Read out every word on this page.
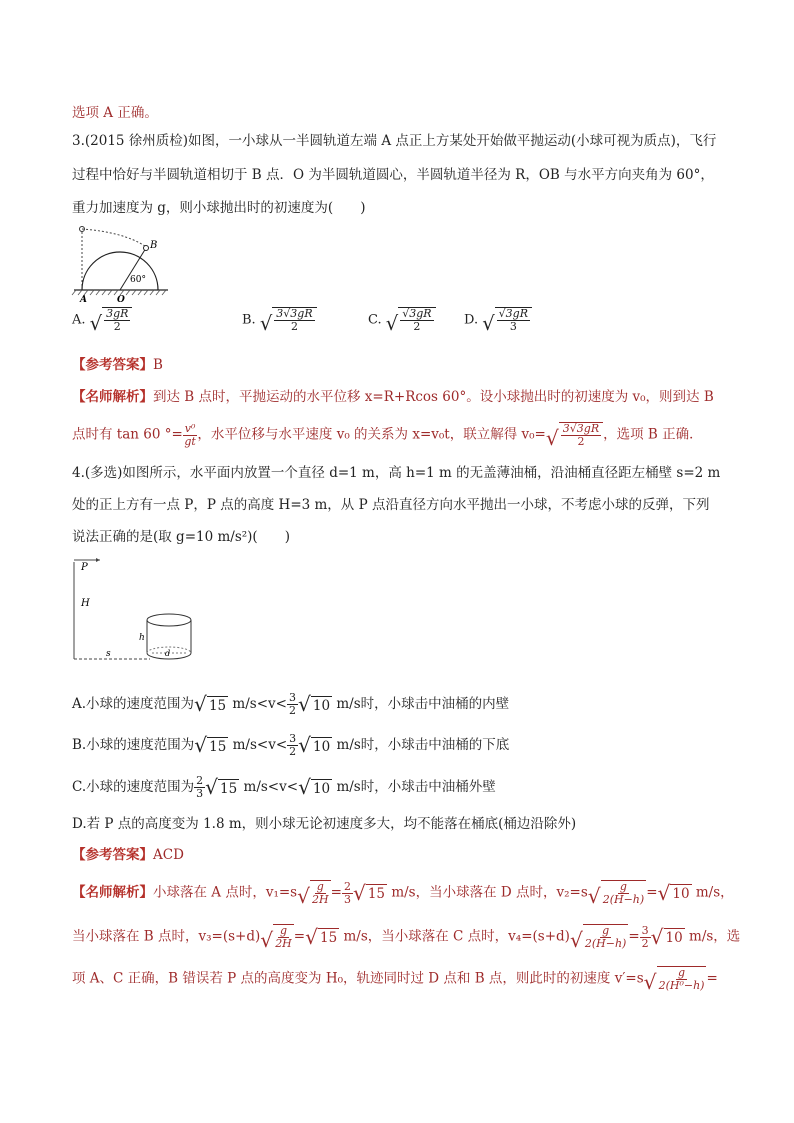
选项 A 正确。
3.(2015 徐州质检)如图，一小球从一半圆轨道左端 A 点正上方某处开始做平抛运动(小球可视为质点)，飞行
过程中恰好与半圆轨道相切于 B 点．O 为半圆轨道圆心，半圆轨道半径为 R，OB 与水平方向夹角为 60°，
重力加速度为 g，则小球抛出时的初速度为(　　)
B
60°
A	O
A. √ $\frac{3gR}{2}$	B. √ $\frac{3√3gR}{2}$	C. √ $\frac{√3gR}{2} D$. √ $\frac{√3gR}{3}$
【参考答案】B
【名师解析】到达 B 点时，平抛运动的水平位移 x=R+Rcos 60°。设小球抛出时的初速度为 v₀，则到达 B
点时有 tan 60 °= $\frac{\text{v⁰}}{gt}$ ，水平位移与水平速度 v₀ 的关系为 x=v₀t，联立解得 v₀= √ $\frac{3√3gR}{2}$ ，选项 B 正确．
4.(多选)如图所示，水平面内放置一个直径 d=1 m，高 h=1 m 的无盖薄油桶，沿油桶直径距左桶壁 s=2 m
处的正上方有一点 P，P 点的高度 H=3 m，从 P 点沿直径方向水平抛出一小球，不考虑小球的反弹，下列
说法正确的是(取 g=10 m/s²)(　　)
P
H
s
h
d
A.小球的速度范围为 √ 15 $m/s<v< \frac{3}{2}$ √ 10 m/s时，小球击中油桶的内壁
B.小球的速度范围为 √ 15 $m/s<v< \frac{3}{2}$ √ 10 m/s时，小球击中油桶的下底
C.小球的速度范围为 $\frac{2}{3}$ √ 15 m/s<v< √ 10 m/s时，小球击中油桶外壁
D.若 P 点的高度变为 1.8 m，则小球无论初速度多大，均不能落在桶底(桶边沿除外)
【参考答案】ACD
【名师解析】小球落在 A 点时，v₁=s √ $\frac{g}{2H} = \frac{2}{3}$ √ 15 m/s，当小球落在 D 点时，v₂=s √ $\frac{g}{2(H-h)}$ = √ 10 m/s，
当小球落在 B 点时，v₃=(s+d) √ $\frac{g}{2H}$ = √ 15 m/s，当小球落在 C 点时，v₄=(s+d) √ $\frac{g}{2(H-h)} = \frac{3}{2}$ √ 10 m/s，选
项 A、C 正确，B 错误若 P 点的高度变为 H₀，轨迹同时过 D 点和 B 点，则此时的初速度 v′=s √ $\frac{g}{\text{2(H⁰−h)}}$ =
